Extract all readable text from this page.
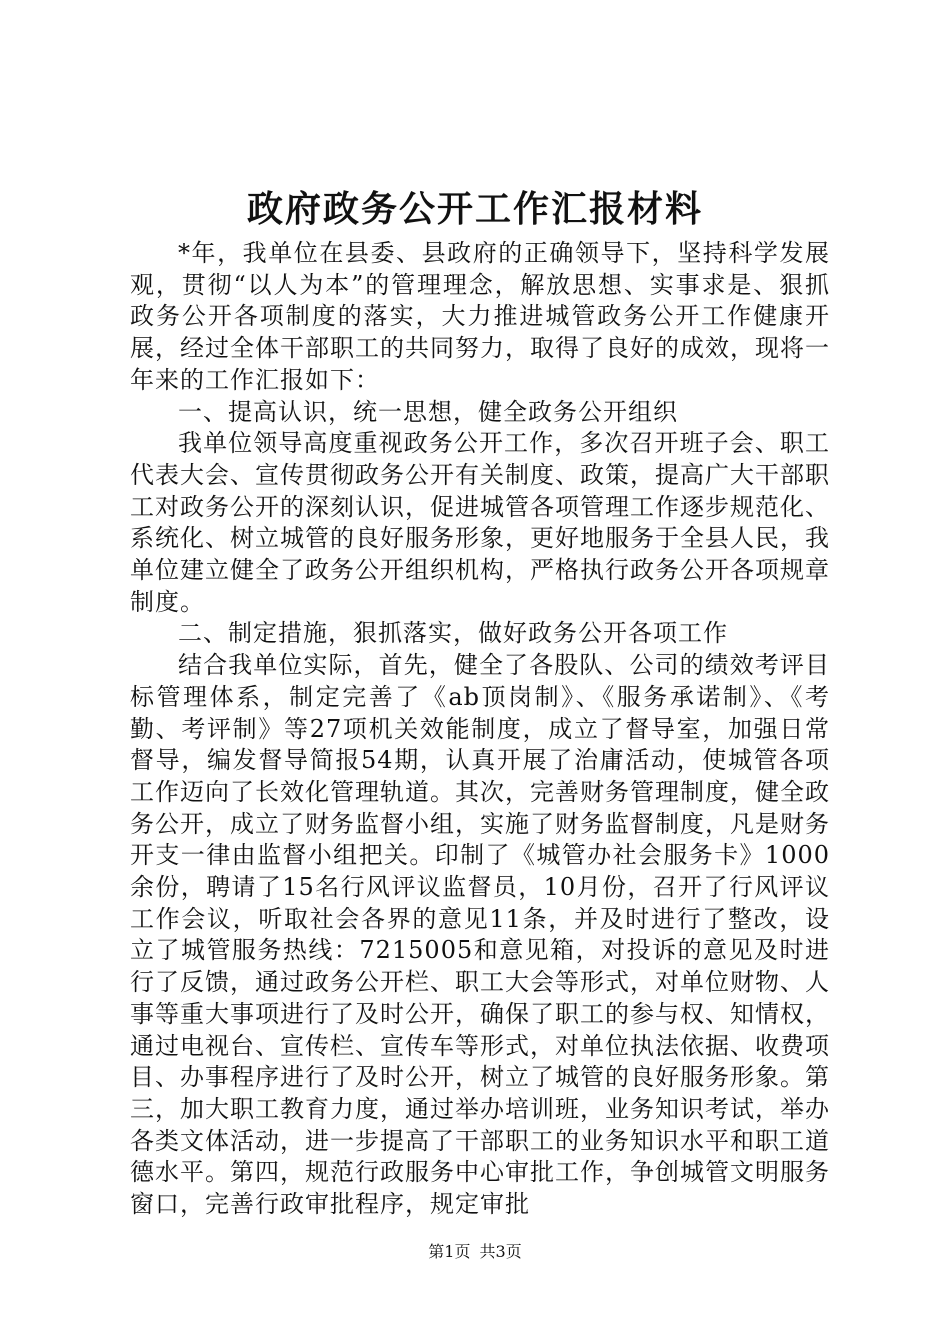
政府政务公开工作汇报材料

*年，我单位在县委、县政府的正确领导下，坚持科学发展观，贯彻“以人为本”的管理理念，解放思想、实事求是、狠抓政务公开各项制度的落实，大力推进城管政务公开工作健康开展，经过全体干部职工的共同努力，取得了良好的成效，现将一年来的工作汇报如下：

一、提高认识，统一思想，健全政务公开组织

我单位领导高度重视政务公开工作，多次召开班子会、职工代表大会、宣传贯彻政务公开有关制度、政策，提高广大干部职工对政务公开的深刻认识，促进城管各项管理工作逐步规范化、系统化、树立城管的良好服务形象，更好地服务于全县人民，我单位建立健全了政务公开组织机构，严格执行政务公开各项规章制度。

二、制定措施，狠抓落实，做好政务公开各项工作

结合我单位实际，首先，健全了各股队、公司的绩效考评目标管理体系，制定完善了《ab顶岗制》、《服务承诺制》、《考勤、考评制》等27项机关效能制度，成立了督导室，加强日常督导，编发督导简报54期，认真开展了治庸活动，使城管各项工作迈向了长效化管理轨道。其次，完善财务管理制度，健全政务公开，成立了财务监督小组，实施了财务监督制度，凡是财务开支一律由监督小组把关。印制了《城管办社会服务卡》1000余份，聘请了15名行风评议监督员，10月份，召开了行风评议工作会议，听取社会各界的意见11条，并及时进行了整改，设立了城管服务热线：7215005和意见箱，对投诉的意见及时进行了反馈，通过政务公开栏、职工大会等形式，对单位财物、人事等重大事项进行了及时公开，确保了职工的参与权、知情权，通过电视台、宣传栏、宣传车等形式，对单位执法依据、收费项目、办事程序进行了及时公开，树立了城管的良好服务形象。第三，加大职工教育力度，通过举办培训班，业务知识考试，举办各类文体活动，进一步提高了干部职工的业务知识水平和职工道德水平。第四，规范行政服务中心审批工作，争创城管文明服务窗口，完善行政审批程序，规定审批

第1页 共3页
